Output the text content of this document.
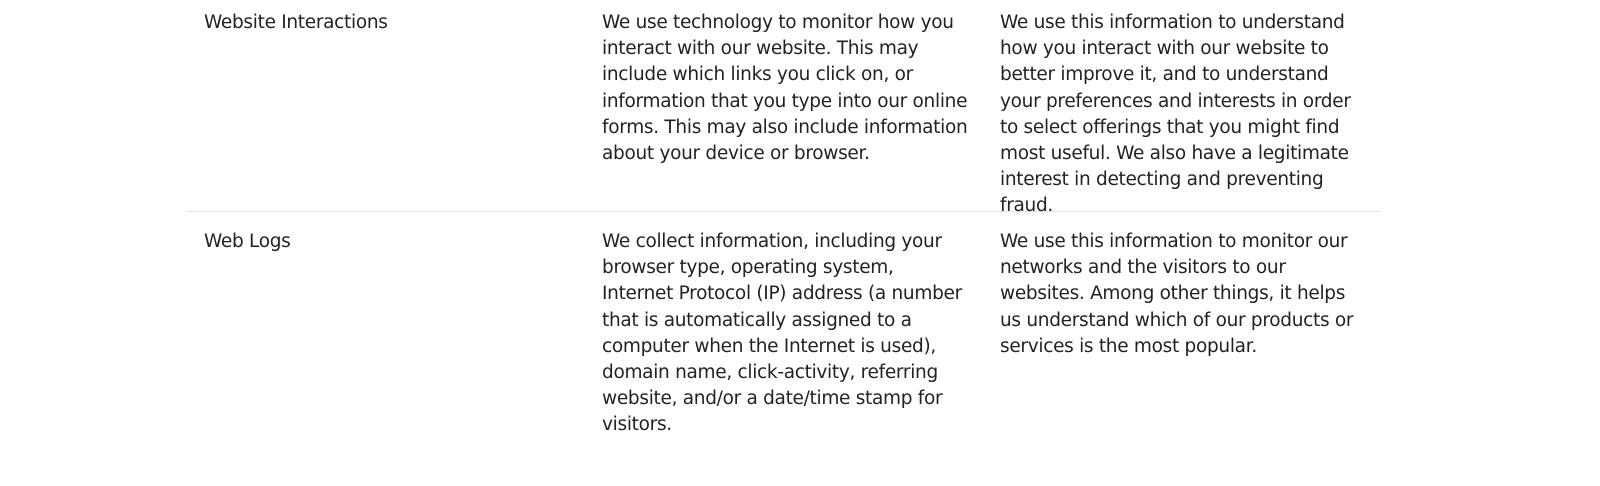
Website Interactions	We use technology to monitor how you interact with our website. This may include which links you click on, or information that you type into our online forms. This may also include information about your device or browser.
We use this information to understand how you interact with our website to better improve it, and to understand your preferences and interests in order to select offerings that you might find most useful. We also have a legitimate interest in detecting and preventing fraud.
Web Logs	We collect information, including your browser type, operating system, Internet Protocol (IP) address (a number that is automatically assigned to a computer when the Internet is used), domain name, click-activity, referring website, and/or a date/time stamp for visitors.
We use this information to monitor our networks and the visitors to our websites. Among other things, it helps us understand which of our products or services is the most popular.
